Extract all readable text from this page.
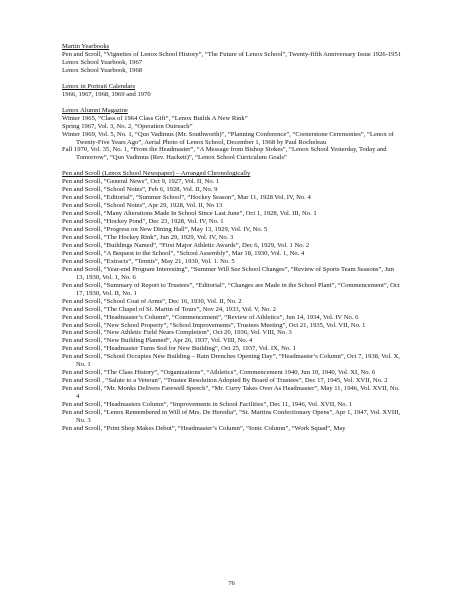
Martin Yearbooks
Pen and Scroll, “Vignettes of Lenox School History”, “The Future of Lenox School”, Twenty-fifth Anniversary Issue 1926-1951
Lenox School Yearbook, 1967
Lenox School Yearbook, 1968
Lenox in Portrait Calendars
1966, 1967, 1968, 1969 and 1970
Lenox Alumni Magazine
Winter 1965, “Class of 1964 Class Gift”, “Lenox Builds A New Rink”
Spring 1967, Vol. 3, No. 2, “Operation Outreach”
Winter 1969, Vol. 5, No. 1, “Quo Vadimus (Mr. Southworth)”, “Planning Conference”, “Cornerstone Ceremonies”, “Lenox of Twenty-Five Years Ago”, Aerial Photo of Lenox School, December 1, 1968 by Paul Rocheleau
Fall 1970, Vol. 35, No. 1, “From the Headmaster”, “A Message from Bishop Stokes”, “Lenox School Yesterday, Today and Tomorrow”, “Quo Vadimus (Rev. Hackett)”, “Lenox School Curriculum Goals”
Pen and Scroll (Lenox School Newspaper) – Arranged Chronologically
Pen and Scroll, “General News”, Oct 9, 1927, Vol. II, No. 1
Pen and Scroll, “School Notes”, Feb 6, 1928, Vol. II, No. 9
Pen and Scroll, “Editorial”, “Summer School”, “Hockey Season”, Mar 11, 1928 Vol. IV, No. 4
Pen and Scroll, “School Notes”, Apr 29, 1928, Vol. II, No 13
Pen and Scroll, “Many Alterations Made In School Since Last June”, Oct 1, 1928, Vol. III, No. 1
Pen and Scroll, “Hockey Pond”, Dec 23, 1928, Vol. IV, No. 1
Pen and Scroll, “Progress on New Dining Hall”, May 13, 1929, Vol. IV, No. 5
Pen and Scroll, “The Hockey Rink”, Jun 29, 1929, Vol. IV, No. 3
Pen and Scroll, “Buildings Named”, “First Major Athletic Awards”, Dec 6, 1929, Vol. 1 No. 2
Pen and Scroll, “A Bequest to the School”, “School Assembly”, Mar 18, 1930, Vol. 1, No. 4
Pen and Scroll, “Extracts”, “Tennis”, May 21, 1930, Vol. 1. No. 5
Pen and Scroll, “Year-end Program Interesting”, “Summer Will See School Changes”, “Review of Sports Team Seasons”, Jun 13, 1930, Vol. 1, No. 6
Pen and Scroll, “Summary of Report to Trustees”, “Editorial”, “Changes are Made in the School Plant”, “Commencement”, Oct 17, 1930, Vol. II, No. 1
Pen and Scroll, “School Coat of Arms”, Dec 16, 1930, Vol. II, No. 2
Pen and Scroll, “The Chapel of St. Martin of Tours”, Nov 24, 1933, Vol. V, No. 2
Pen and Scroll, “Headmaster’s Column”, “Commencement”, “Review of Athletics”, Jun 14, 1934, Vol. IV No. 6
Pen and Scroll, “New School Property”, “School Improvements”, Trustees Meeting”, Oct 21, 1935, Vol. VII, No. 1
Pen and Scroll, “New Athletic Field Nears Completion”, Oct 20, 1936, Vol. VIII, No. 3
Pen and Scroll, “New Building Planned”, Apr 26, 1937, Vol. VIII, No. 4
Pen and Scroll, “Headmaster Turns Sod for New Building”, Oct 25, 1937, Vol. IX, No. 1
Pen and Scroll, “School Occupies New Building – Rain Drenches Opening Day”, “Headmaster’s Column”, Oct 7, 1938, Vol. X, No. 1
Pen and Scroll, “The Class History”, “Organizations”, “Athletics”, Commencement 1940, Jun 10, 1940, Vol. XI, No. 6
Pen and Scroll , “Salute to a Veteran”, “Trustee Resolution Adopted By Board of Trustees”, Dec 17, 1945, Vol. XVII, No. 2
Pen and Scroll, “Mr. Monks Delivers Farewell Speech”, “Mr. Curry Takes Over As Headmaster”, May 11, 1946, Vol. XVII, No. 4
Pen and Scroll, “Headmasters Column”, “Improvements in School Facilities”, Dec 11, 1946, Vol. XVII, No. 1
Pen and Scroll, “Lenox Remembered in Will of Mrs. De Heredia”, “St. Martins Confectionary Opens”, Apr 1, 1947, Vol. XVIII, No. 3
Pen and Scroll, “Print Shop Makes Debut”, “Headmaster’s Column”, “Ionic Column”, “Work Squad”, May
76
